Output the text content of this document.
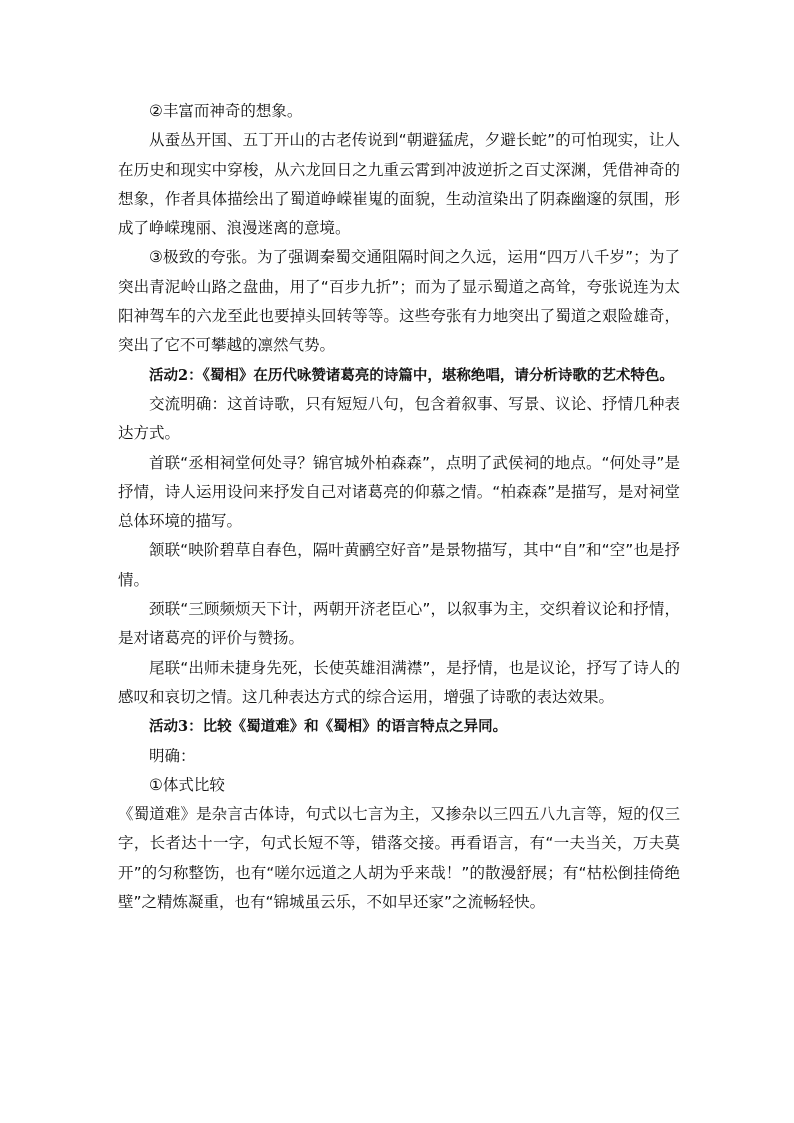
②丰富而神奇的想象。

从蚕丛开国、五丁开山的古老传说到“朝避猛虎，夕避长蛇”的可怕现实，让人在历史和现实中穿梭，从六龙回日之九重云霄到冲波逆折之百丈深渊，凭借神奇的想象，作者具体描绘出了蜀道峥嵘崔嵬的面貌，生动渲染出了阴森幽邃的氛围，形成了峥嵘瑰丽、浪漫迷离的意境。

③极致的夸张。为了强调秦蜀交通阻隔时间之久远，运用“四万八千岁”；为了突出青泥岭山路之盘曲，用了“百步九折”；而为了显示蜀道之高耸，夸张说连为太阳神驾车的六龙至此也要掉头回转等等。这些夸张有力地突出了蜀道之艰险雄奇，突出了它不可攀越的凛然气势。

活动2：《蜀相》在历代咏赞诸葛亮的诗篇中，堪称绝唱，请分析诗歌的艺术特色。

交流明确：这首诗歌，只有短短八句，包含着叙事、写景、议论、抒情几种表达方式。

首联“丞相祠堂何处寻？锦官城外柏森森”，点明了武侯祠的地点。“何处寻”是抒情，诗人运用设问来抒发自己对诸葛亮的仰慕之情。“柏森森”是描写，是对祠堂总体环境的描写。

颔联“映阶碧草自春色，隔叶黄鹂空好音”是景物描写，其中“自”和“空”也是抒情。

颈联“三顾频烦天下计，两朝开济老臣心”，以叙事为主，交织着议论和抒情，是对诸葛亮的评价与赞扬。

尾联“出师未捷身先死，长使英雄泪满襟”，是抒情，也是议论，抒写了诗人的感叹和哀切之情。这几种表达方式的综合运用，增强了诗歌的表达效果。

活动3：比较《蜀道难》和《蜀相》的语言特点之异同。

明确：

①体式比较

《蜀道难》是杂言古体诗，句式以七言为主，又掺杂以三四五八九言等，短的仅三字，长者达十一字，句式长短不等，错落交接。再看语言，有“一夫当关，万夫莫开”的匀称整饬，也有“嗟尔远道之人胡为乎来哉！”的散漫舒展；有“枯松倒挂倚绝壁”之精炼凝重，也有“锦城虽云乐，不如早还家”之流畅轻快。
